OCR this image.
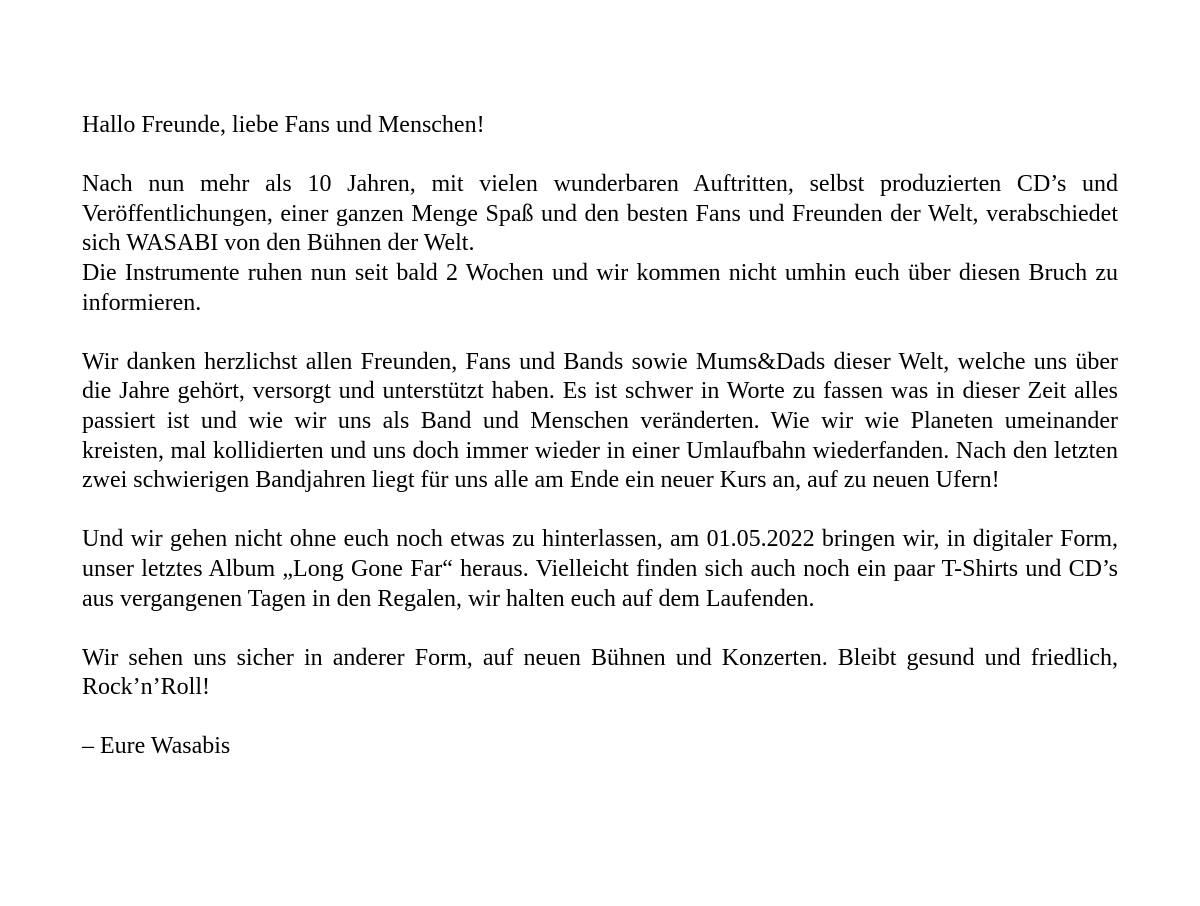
Hallo Freunde, liebe Fans und Menschen!

Nach nun mehr als 10 Jahren, mit vielen wunderbaren Auftritten, selbst produzierten CD’s und Veröffentlichungen, einer ganzen Menge Spaß und den besten Fans und Freunden der Welt, verabschiedet sich WASABI von den Bühnen der Welt.

Die Instrumente ruhen nun seit bald 2 Wochen und wir kommen nicht umhin euch über diesen Bruch zu informieren.

Wir danken herzlichst allen Freunden, Fans und Bands sowie Mums&Dads dieser Welt, welche uns über die Jahre gehört, versorgt und unterstützt haben. Es ist schwer in Worte zu fassen was in dieser Zeit alles passiert ist und wie wir uns als Band und Menschen veränderten. Wie wir wie Planeten umeinander kreisten, mal kollidierten und uns doch immer wieder in einer Umlaufbahn wiederfanden. Nach den letzten zwei schwierigen Bandjahren liegt für uns alle am Ende ein neuer Kurs an, auf zu neuen Ufern!

Und wir gehen nicht ohne euch noch etwas zu hinterlassen, am 01.05.2022 bringen wir, in digitaler Form, unser letztes Album „Long Gone Far“ heraus. Vielleicht finden sich auch noch ein paar T-Shirts und CD’s aus vergangenen Tagen in den Regalen, wir halten euch auf dem Laufenden.

Wir sehen uns sicher in anderer Form, auf neuen Bühnen und Konzerten. Bleibt gesund und friedlich, Rock’n’Roll!

– Eure Wasabis
